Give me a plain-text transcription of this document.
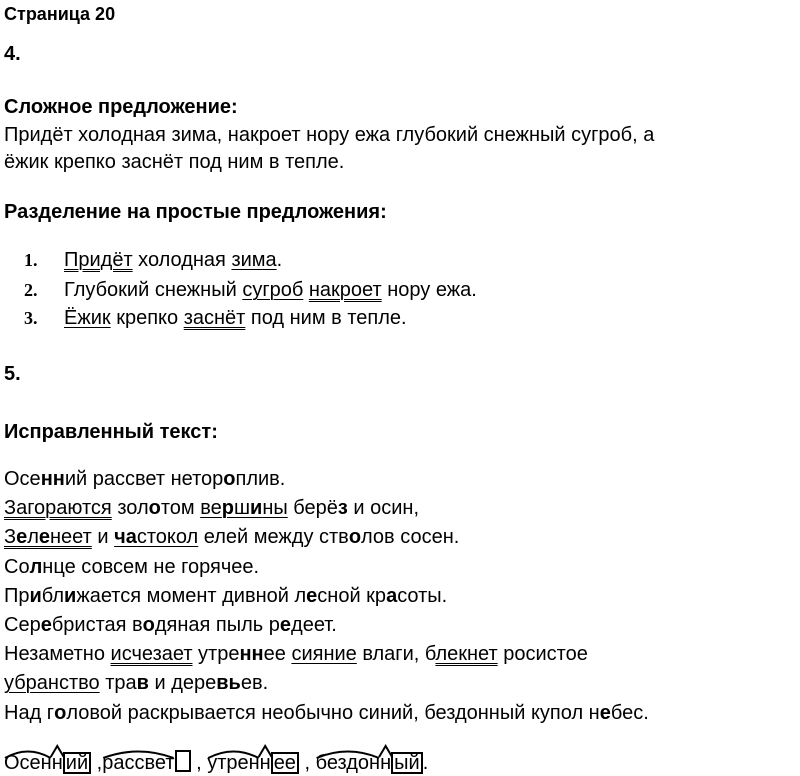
Страница 20
4.
Сложное предложение:
Придёт холодная зима, накроет нору ежа глубокий снежный сугроб, а
ёжик крепко заснёт под ним в тепле.
Разделение на простые предложения:
1. Придёт холодная зима.
2. Глубокий снежный сугроб накроет нору ежа.
3. Ёжик крепко заснёт под ним в тепле.
5.
Исправленный текст:
Осенний рассвет нетороплив.
Загораются золотом вершины берёз и осин,
Зеленеет и частокол елей между стволов сосен.
Солнце совсем не горячее.
Приближается момент дивной лесной красоты.
Серебристая водяная пыль редеет.
Незаметно исчезает утреннее сияние влаги, блекнет росистое
убранство трав и деревьев.
Над головой раскрывается необычно синий, бездонный купол небес.
Осенн ий ,рассвет , утренн ее , бездонн ый .
